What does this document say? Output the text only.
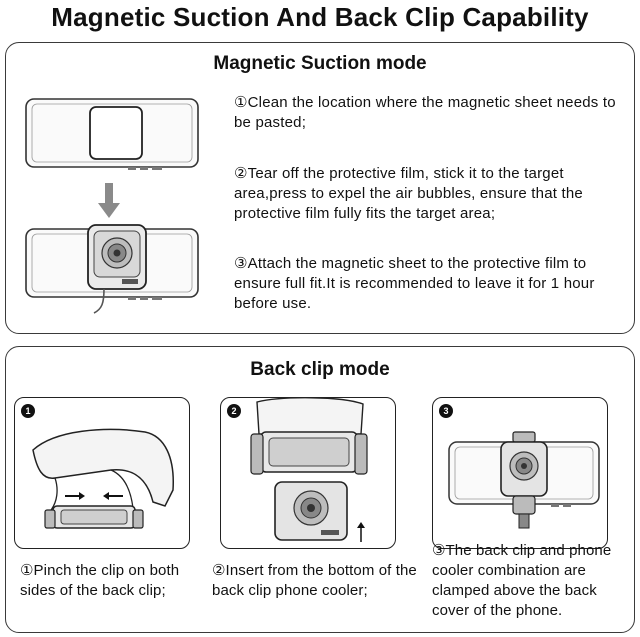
Magnetic Suction And Back Clip Capability
Magnetic Suction mode
①Clean the location where the magnetic sheet needs to be pasted;
②Tear off the protective film, stick it to the target area,press to expel the air bubbles, ensure that the protective film fully fits the target area;
③Attach the magnetic sheet to the protective film to ensure full fit.It is recommended to leave it for 1 hour before use.
Back clip mode
1	2	3
①Pinch the clip on both sides of the back clip;
②Insert from the bottom of the back clip phone cooler;
③The back clip and phone cooler combination are clamped above the back cover of the phone.
